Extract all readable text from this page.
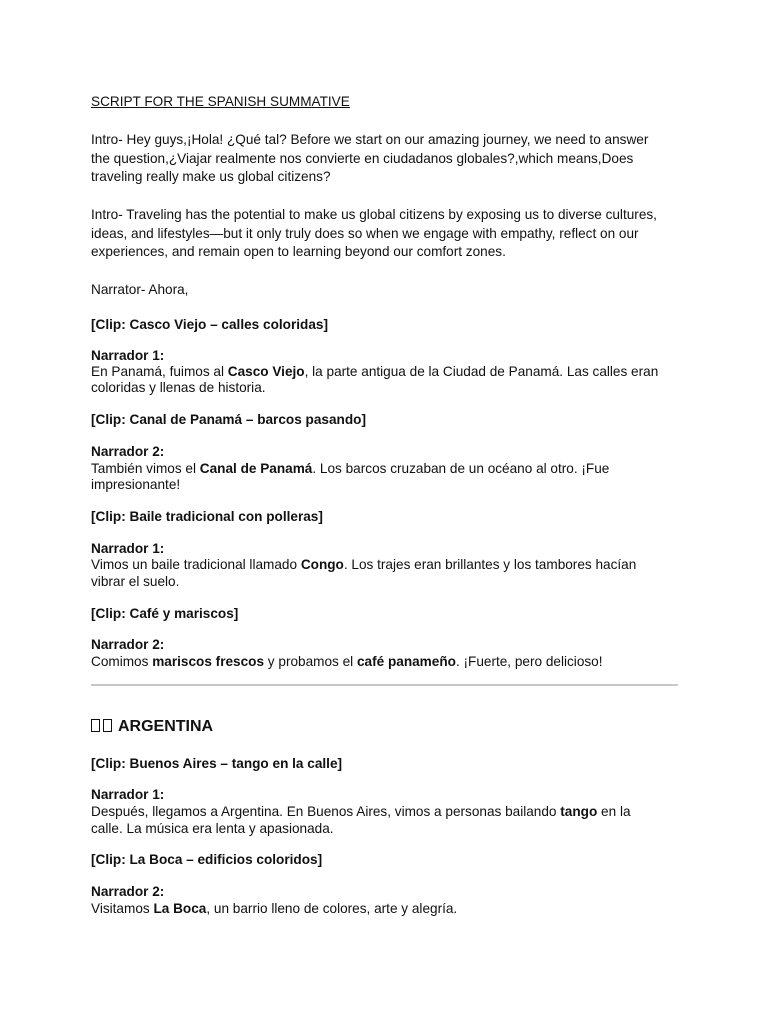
SCRIPT FOR THE SPANISH SUMMATIVE
Intro- Hey guys,¡Hola! ¿Qué tal? Before we start on our amazing journey, we need to answer
the question,¿Viajar realmente nos convierte en ciudadanos globales?,which means,Does
traveling really make us global citizens?
Intro- Traveling has the potential to make us global citizens by exposing us to diverse cultures,
ideas, and lifestyles—but it only truly does so when we engage with empathy, reflect on our
experiences, and remain open to learning beyond our comfort zones.
Narrator- Ahora,
[Clip: Casco Viejo – calles coloridas]
Narrador 1:
En Panamá, fuimos al Casco Viejo, la parte antigua de la Ciudad de Panamá. Las calles eran
coloridas y llenas de historia.
[Clip: Canal de Panamá – barcos pasando]
Narrador 2:
También vimos el Canal de Panamá. Los barcos cruzaban de un océano al otro. ¡Fue
impresionante!
[Clip: Baile tradicional con polleras]
Narrador 1:
Vimos un baile tradicional llamado Congo. Los trajes eran brillantes y los tambores hacían
vibrar el suelo.
[Clip: Café y mariscos]
Narrador 2:
Comimos mariscos frescos y probamos el café panameño. ¡Fuerte, pero delicioso!
ARGENTINA
[Clip: Buenos Aires – tango en la calle]
Narrador 1:
Después, llegamos a Argentina. En Buenos Aires, vimos a personas bailando tango en la
calle. La música era lenta y apasionada.
[Clip: La Boca – edificios coloridos]
Narrador 2:
Visitamos La Boca, un barrio lleno de colores, arte y alegría.
